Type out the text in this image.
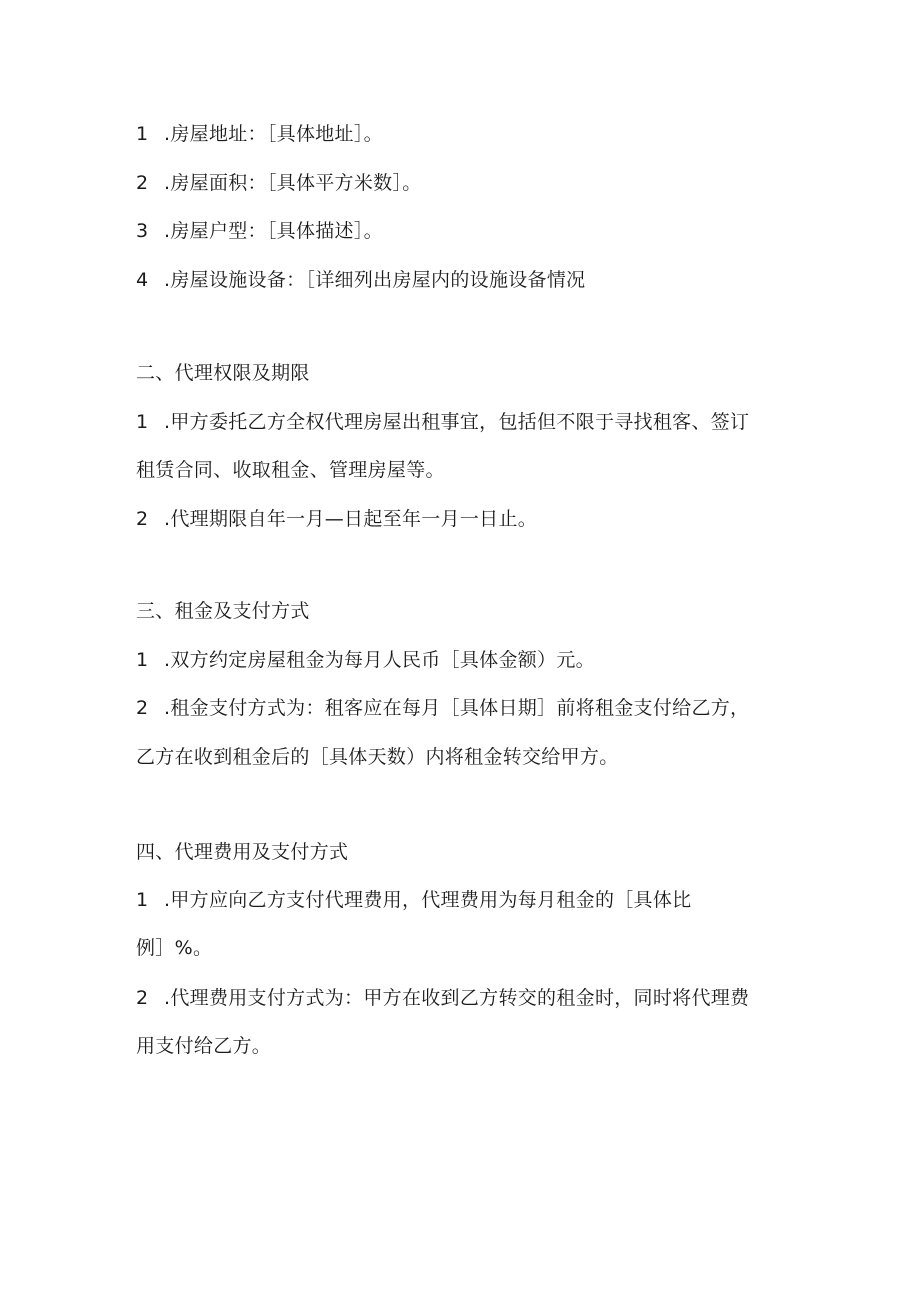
1 .房屋地址：［具体地址］。
2 .房屋面积：［具体平方米数］。
3 .房屋户型：［具体描述］。
4 .房屋设施设备：［详细列出房屋内的设施设备情况
二、代理权限及期限
1 .甲方委托乙方全权代理房屋出租事宜，包括但不限于寻找租客、签订
租赁合同、收取租金、管理房屋等。
2 .代理期限自年一月—日起至年一月一日止。
三、租金及支付方式
1 .双方约定房屋租金为每月人民币［具体金额）元。
2 .租金支付方式为：租客应在每月［具体日期］前将租金支付给乙方，
乙方在收到租金后的［具体天数）内将租金转交给甲方。
四、代理费用及支付方式
1 .甲方应向乙方支付代理费用，代理费用为每月租金的［具体比
例］%。
2 .代理费用支付方式为：甲方在收到乙方转交的租金时，同时将代理费
用支付给乙方。
